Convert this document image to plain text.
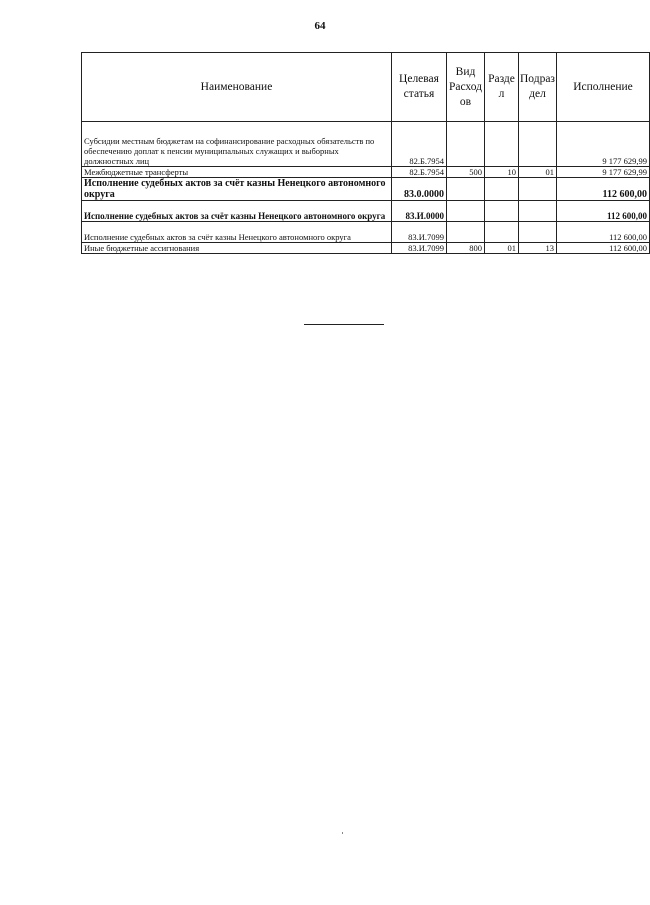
64
Наименование	Целевая статья	Вид Расход ов	Разде л	Подраз дел	Исполнение
Субсидии местным бюджетам на софинансирование расходных обязательств по обеспечению доплат к пенсии муниципальных служащих и выборных должностных лиц	82.Б.7954				9 177 629,99
Межбюджетные трансферты	82.Б.7954	500	10	01	9 177 629,99
Исполнение судебных актов за счёт казны Ненецкого автономного округа	83.0.0000				112 600,00
Исполнение судебных актов за счёт казны Ненецкого автономного округа	83.И.0000				112 600,00
Исполнение судебных актов за счёт казны Ненецкого автономного округа	83.И.7099				112 600,00
Иные бюджетные ассигнования	83.И.7099	800	01	13	112 600,00
